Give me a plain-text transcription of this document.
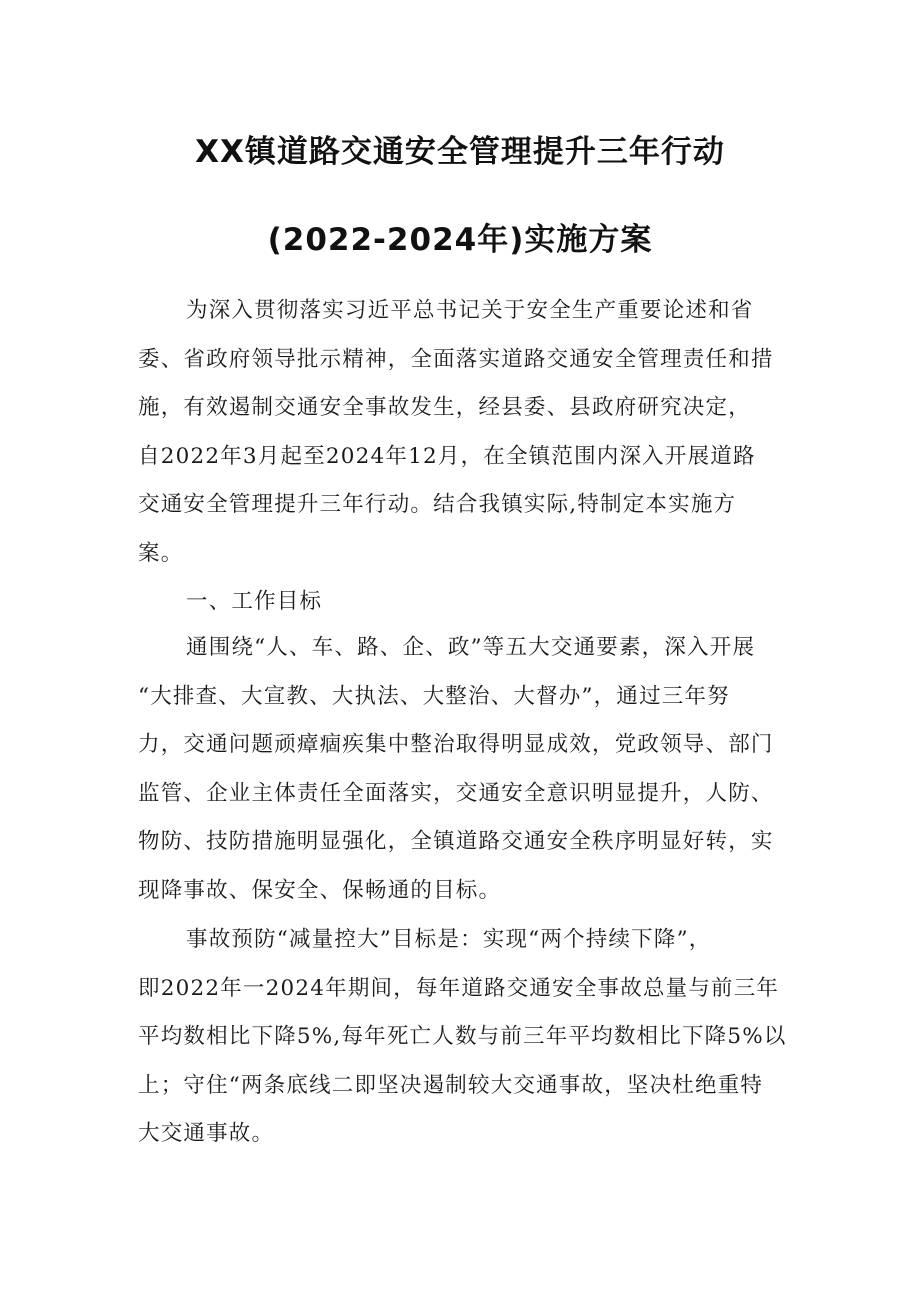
XX镇道路交通安全管理提升三年行动
(2022-2024年)实施方案
为深入贯彻落实习近平总书记关于安全生产重要论述和省
委、省政府领导批示精神，全面落实道路交通安全管理责任和措
施，有效遏制交通安全事故发生，经县委、县政府研究决定，
自2022年3月起至2024年12月，在全镇范围内深入开展道路
交通安全管理提升三年行动。结合我镇实际,特制定本实施方
案。
一、工作目标
通围绕“人、车、路、企、政”等五大交通要素，深入开展
“大排查、大宣教、大执法、大整治、大督办”，通过三年努
力，交通问题顽瘴痼疾集中整治取得明显成效，党政领导、部门
监管、企业主体责任全面落实，交通安全意识明显提升，人防、
物防、技防措施明显强化，全镇道路交通安全秩序明显好转，实
现降事故、保安全、保畅通的目标。
事故预防“减量控大”目标是：实现“两个持续下降”，
即2022年一2024年期间，每年道路交通安全事故总量与前三年
平均数相比下降5%,每年死亡人数与前三年平均数相比下降5%以
上；守住“两条底线二即坚决遏制较大交通事故，坚决杜绝重特
大交通事故。
